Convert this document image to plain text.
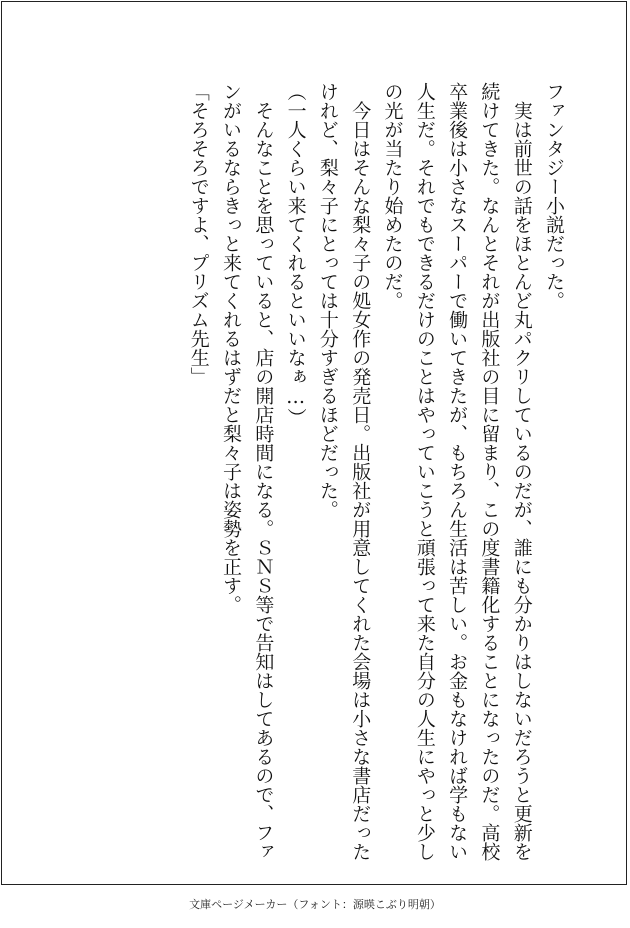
ファンタジー小説だった。

　実は前世の話をほとんど丸パクリしているのだが、誰にも分かりはしないだろうと更新を続けてきた。なんとそれが出版社の目に留まり、この度書籍化することになったのだ。高校卒業後は小さなスーパーで働いてきたが、もちろん生活は苦しい。お金もなければ学もない人生だ。それでもできるだけのことはやっていこうと頑張って来た自分の人生にやっと少しの光が当たり始めたのだ。

　今日はそんな梨々子の処女作の発売日。出版社が用意してくれた会場は小さな書店だったけれど、梨々子にとっては十分すぎるほどだった。

（一人くらい来てくれるといいなぁ…）

　そんなことを思っていると、店の開店時間になる。ＳＮＳ等で告知はしてあるので、ファンがいるならきっと来てくれるはずだと梨々子は姿勢を正す。

「そろそろですよ、プリズム先生」

文庫ページメーカー（フォント：源暎こぶり明朝）
